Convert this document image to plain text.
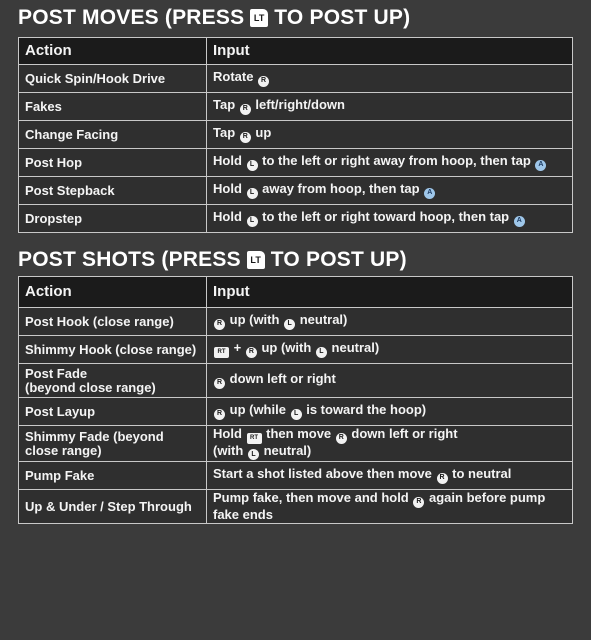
POST MOVES (PRESS	LT TO POST UP)
Action	Input
Quick Spin/Hook Drive	Rotate R
Fakes	Tap R left/right/down
Change Facing	Tap R up
Post Hop	Hold L to the left or right away from hoop, then tap A
Post Stepback	Hold L away from hoop, then tap A
Dropstep	Hold L to the left or right toward hoop, then tap A
POST SHOTS (PRESS	LT TO POST UP)
Action	Input
Post Hook (close range)	R up (with L neutral)
Shimmy Hook (close range)	RT + R up (with L neutral)
Post Fade
(beyond close range)	R down left or right
Post Layup	R up (while L is toward the hoop)
Shimmy Fade (beyond
close range)	Hold RT then move R down left or right
(with L neutral)
Pump Fake	Start a shot listed above then move R to neutral
Up & Under / Step Through	Pump fake, then move and hold R again before pump
fake ends
